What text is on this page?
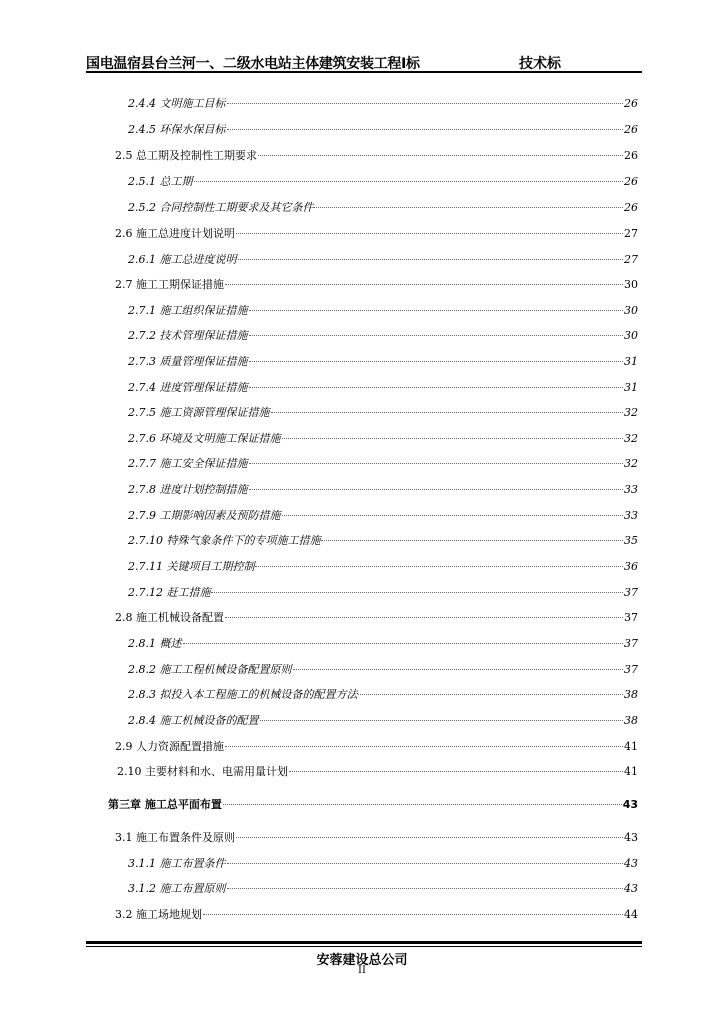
国电温宿县台兰河一、二级水电站主体建筑安装工程Ⅰ标	技术标
2.4.4 文明施工目标	26
2.4.5 环保水保目标	26
2.5 总工期及控制性工期要求	26
2.5.1 总工期	26
2.5.2 合同控制性工期要求及其它条件	26
2.6 施工总进度计划说明	27
2.6.1 施工总进度说明	27
2.7 施工工期保证措施	30
2.7.1 施工组织保证措施	30
2.7.2 技术管理保证措施	30
2.7.3 质量管理保证措施	31
2.7.4 进度管理保证措施	31
2.7.5 施工资源管理保证措施	32
2.7.6 环境及文明施工保证措施	32
2.7.7 施工安全保证措施	32
2.7.8 进度计划控制措施	33
2.7.9 工期影响因素及预防措施	33
2.7.10 特殊气象条件下的专项施工措施	35
2.7.11 关键项目工期控制	36
2.7.12 赶工措施	37
2.8 施工机械设备配置	37
2.8.1 概述	37
2.8.2 施工工程机械设备配置原则	37
2.8.3 拟投入本工程施工的机械设备的配置方法	38
2.8.4 施工机械设备的配置	38
2.9 人力资源配置措施	41
2.10 主要材料和水、电需用量计划	41
第三章 施工总平面布置	43
3.1 施工布置条件及原则	43
3.1.1 施工布置条件	43
3.1.2 施工布置原则	43
3.2 施工场地规划	44
安蓉建设总公司
II
